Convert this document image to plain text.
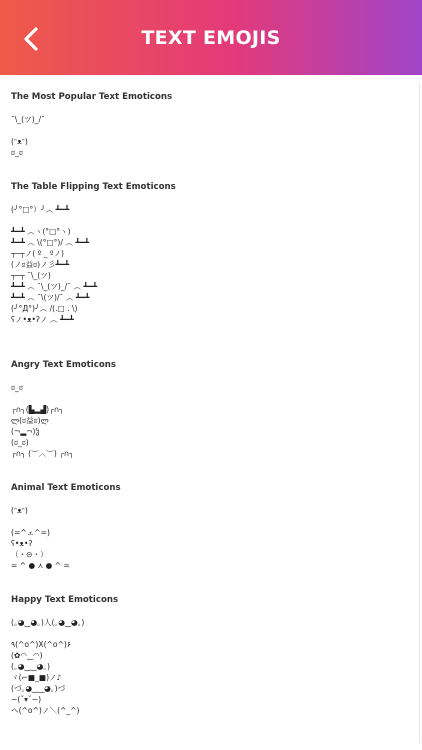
TEXT EMOJIS
The Most Popular Text Emoticons
¯\_(ツ)_/¯
(ᵔᴥᵔ)
ಠ_ಠ
The Table Flipping Text Emoticons
(╯°□°）╯︵ ┻━┻
┻━┻ ︵ヽ(°□°ヽ)
┻━┻ ︵ \(°□°)/ ︵ ┻━┻
┬─┬ノ( º _ ºノ)
(ノಠ益ಠ)ノ彡┻━┻
┬─┬ ¯\_(ツ)
┻━┻ ︵ ¯\_(ツ)_/¯ ︵ ┻━┻
┻━┻ ︵ ¯\(ツ)/¯ ︵ ┻━┻
(╯°Д°)╯︵ /(.□ . \)
ʕノ•ᴥ•ʔノ ︵ ┻━┻
Angry Text Emoticons
ಠ_ಠ
╭∩╮(▙▂▟)╭∩╮
ლ(ಠ益ಠ)ლ
(¬▂¬)ჴ
(ಠ_ಠ)
╭∩╮ (︶︿︶) ╭∩╮
Animal Text Emoticons
(ᵔᴥᵔ)
(=^ェ^=)
ʕ•ᴥ•ʔ
（・⊝・）
= ^ ● ⋏ ● ^ =
Happy Text Emoticons
(｡◕‿◕｡)人(｡◕‿◕｡)
٩(^o^)Ⅹ(^o^)۶
(✿◠‿◠)
(｡◕‿‿◕｡)
ヾ(⌐■_■)ノ♪
(づ｡◕‿‿◕｡)づ
~(˘▾˘~)
ヘ(^o^)ノ＼(^_^)
